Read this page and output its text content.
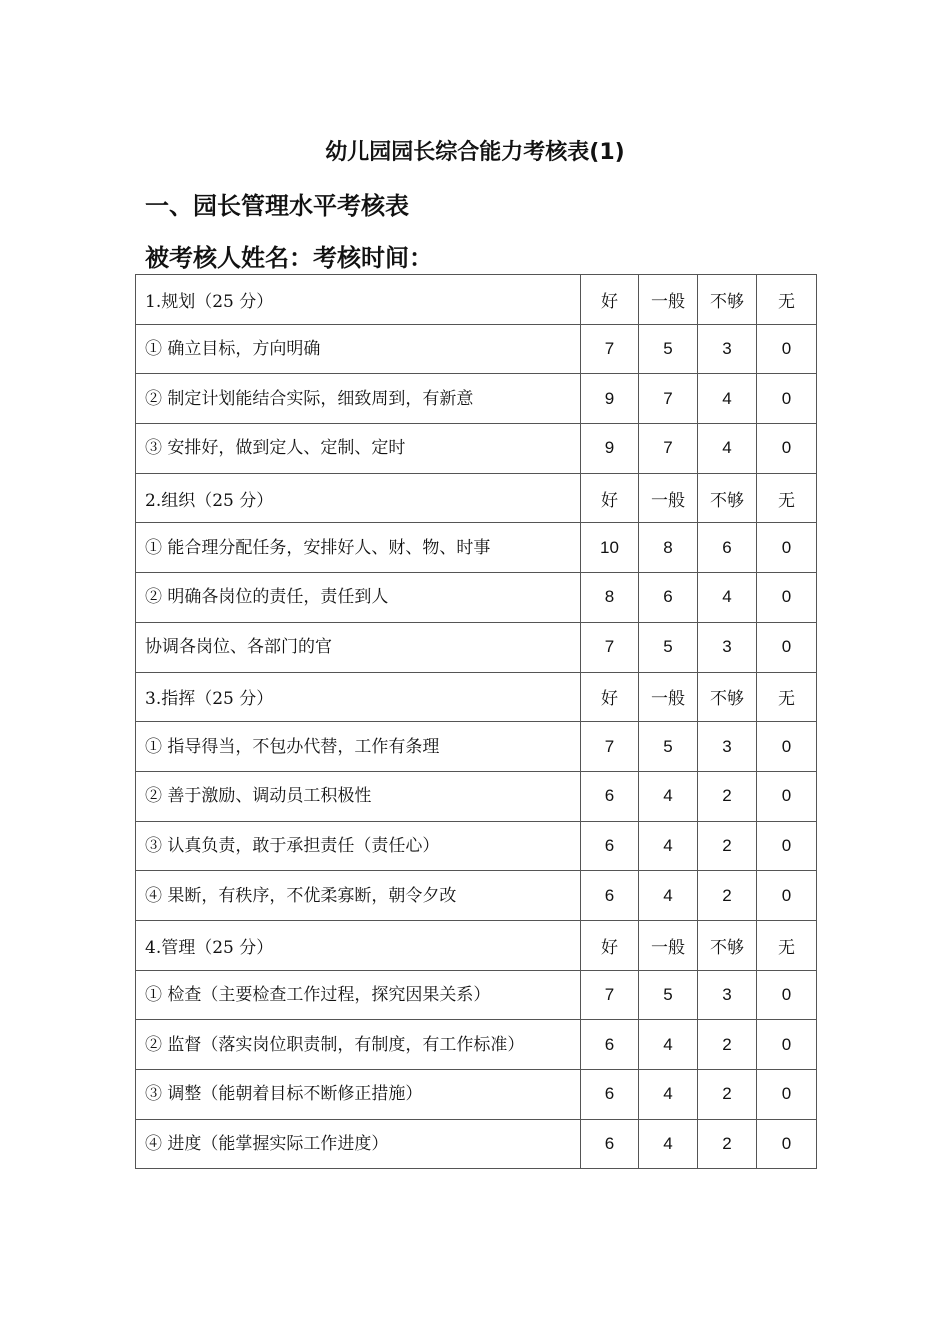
幼儿园园长综合能力考核表(1)
一、园长管理水平考核表
被考核人姓名：考核时间：
1.规划（25 分）	好	一般	不够	无
① 确立目标，方向明确	7	5	3	0
② 制定计划能结合实际，细致周到，有新意	9	7	4	0
③ 安排好，做到定人、定制、定时	9	7	4	0
2.组织（25 分）	好	一般	不够	无
① 能合理分配任务，安排好人、财、物、时事	10	8	6	0
② 明确各岗位的责任，责任到人	8	6	4	0
协调各岗位、各部门的官	7	5	3	0
3.指挥（25 分）	好	一般	不够	无
① 指导得当，不包办代替，工作有条理	7	5	3	0
② 善于激励、调动员工积极性	6	4	2	0
③ 认真负责，敢于承担责任（责任心）	6	4	2	0
④ 果断，有秩序，不优柔寡断，朝令夕改	6	4	2	0
4.管理（25 分）	好	一般	不够	无
① 检查（主要检查工作过程，探究因果关系）	7	5	3	0
② 监督（落实岗位职责制，有制度，有工作标准）	6	4	2	0
③ 调整（能朝着目标不断修正措施）	6	4	2	0
④ 进度（能掌握实际工作进度）	6	4	2	0
